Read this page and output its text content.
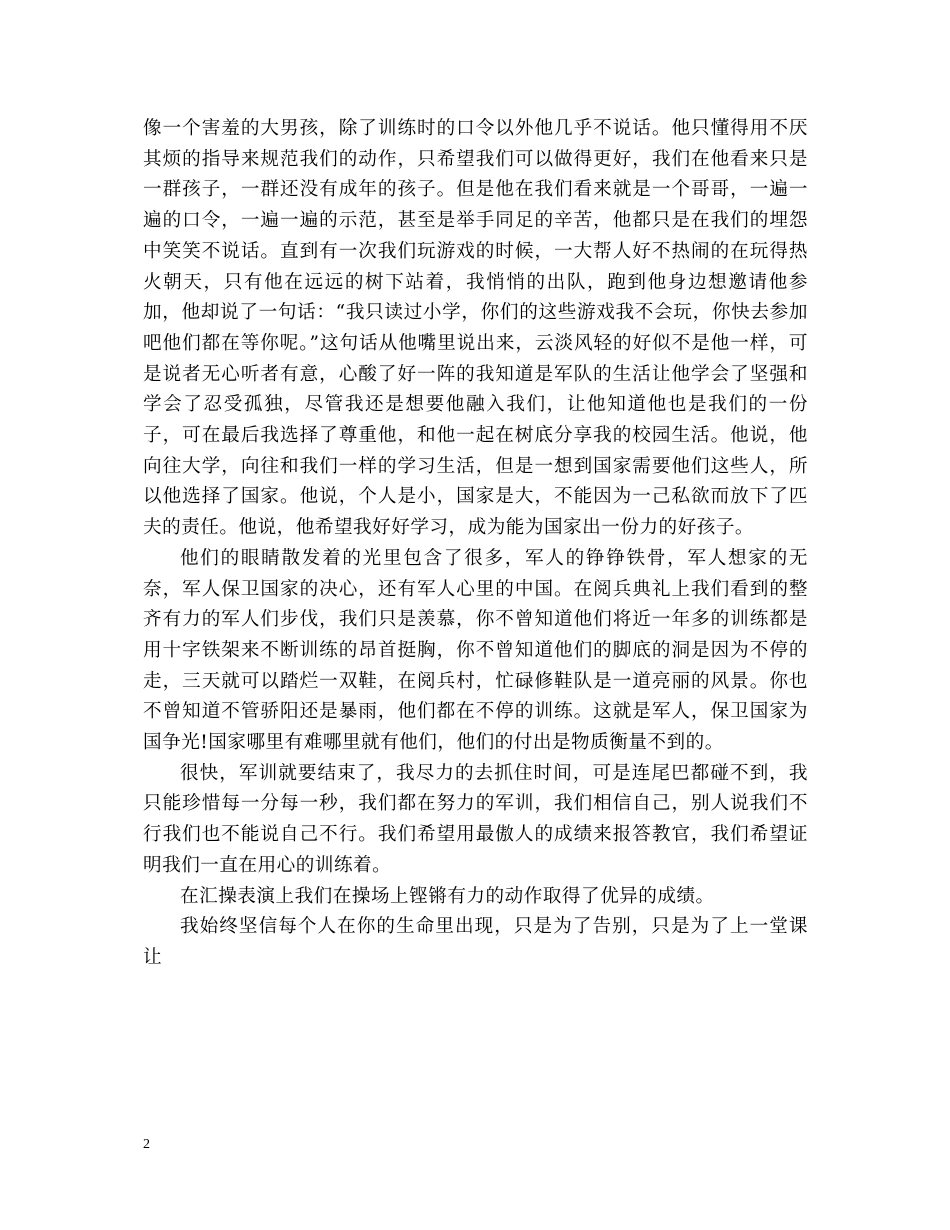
像一个害羞的大男孩，除了训练时的口令以外他几乎不说话。他只懂得用不厌其烦的指导来规范我们的动作，只希望我们可以做得更好，我们在他看来只是一群孩子，一群还没有成年的孩子。但是他在我们看来就是一个哥哥，一遍一遍的口令，一遍一遍的示范，甚至是举手同足的辛苦，他都只是在我们的埋怨中笑笑不说话。直到有一次我们玩游戏的时候，一大帮人好不热闹的在玩得热火朝天，只有他在远远的树下站着，我悄悄的出队，跑到他身边想邀请他参加，他却说了一句话：“我只读过小学，你们的这些游戏我不会玩，你快去参加吧他们都在等你呢。”这句话从他嘴里说出来，云淡风轻的好似不是他一样，可是说者无心听者有意，心酸了好一阵的我知道是军队的生活让他学会了坚强和学会了忍受孤独，尽管我还是想要他融入我们，让他知道他也是我们的一份子，可在最后我选择了尊重他，和他一起在树底分享我的校园生活。他说，他向往大学，向往和我们一样的学习生活，但是一想到国家需要他们这些人，所以他选择了国家。他说，个人是小，国家是大，不能因为一己私欲而放下了匹夫的责任。他说，他希望我好好学习，成为能为国家出一份力的好孩子。

他们的眼睛散发着的光里包含了很多，军人的铮铮铁骨，军人想家的无奈，军人保卫国家的决心，还有军人心里的中国。在阅兵典礼上我们看到的整齐有力的军人们步伐，我们只是羡慕，你不曾知道他们将近一年多的训练都是用十字铁架来不断训练的昂首挺胸，你不曾知道他们的脚底的洞是因为不停的走，三天就可以踏烂一双鞋，在阅兵村，忙碌修鞋队是一道亮丽的风景。你也不曾知道不管骄阳还是暴雨，他们都在不停的训练。这就是军人，保卫国家为国争光!国家哪里有难哪里就有他们，他们的付出是物质衡量不到的。

很快，军训就要结束了，我尽力的去抓住时间，可是连尾巴都碰不到，我只能珍惜每一分每一秒，我们都在努力的军训，我们相信自己，别人说我们不行我们也不能说自己不行。我们希望用最傲人的成绩来报答教官，我们希望证明我们一直在用心的训练着。

在汇操表演上我们在操场上铿锵有力的动作取得了优异的成绩。

我始终坚信每个人在你的生命里出现，只是为了告别，只是为了上一堂课让

2
